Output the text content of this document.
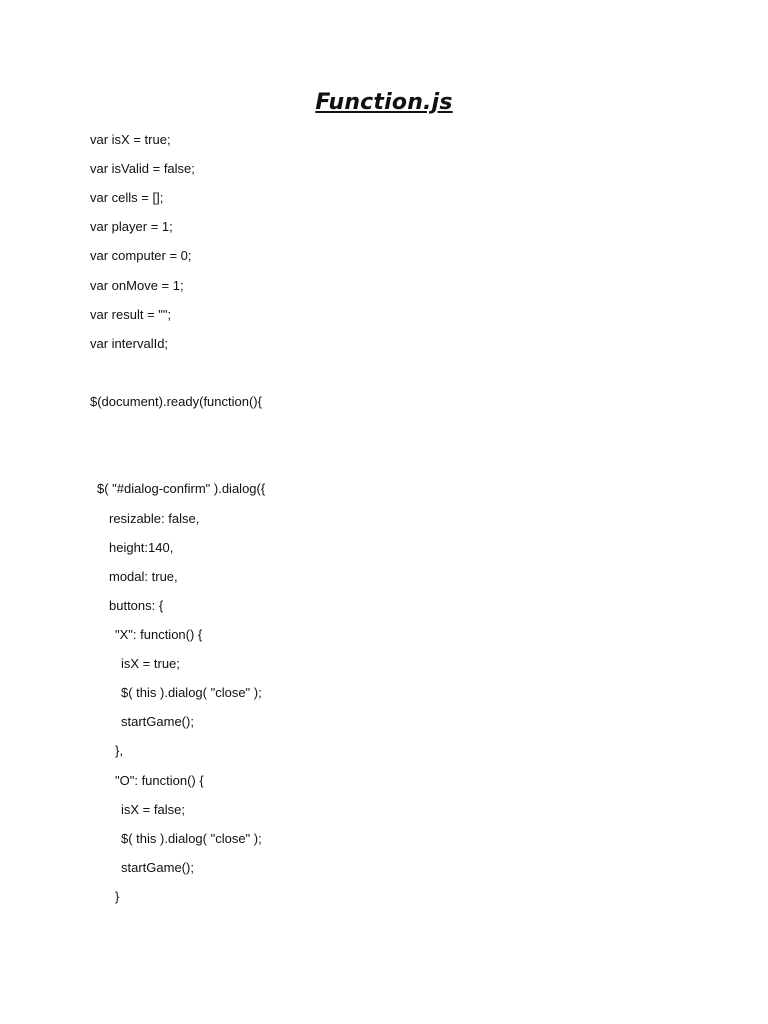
Function.js
var isX = true;
var isValid = false;
var cells = [];
var player = 1;
var computer = 0;
var onMove = 1;
var result = "";
var intervalId;
$(document).ready(function(){
$( "#dialog-confirm" ).dialog({
resizable: false,
height:140,
modal: true,
buttons: {
"X": function() {
isX = true;
$( this ).dialog( "close" );
startGame();
},
"O": function() {
isX = false;
$( this ).dialog( "close" );
startGame();
}
